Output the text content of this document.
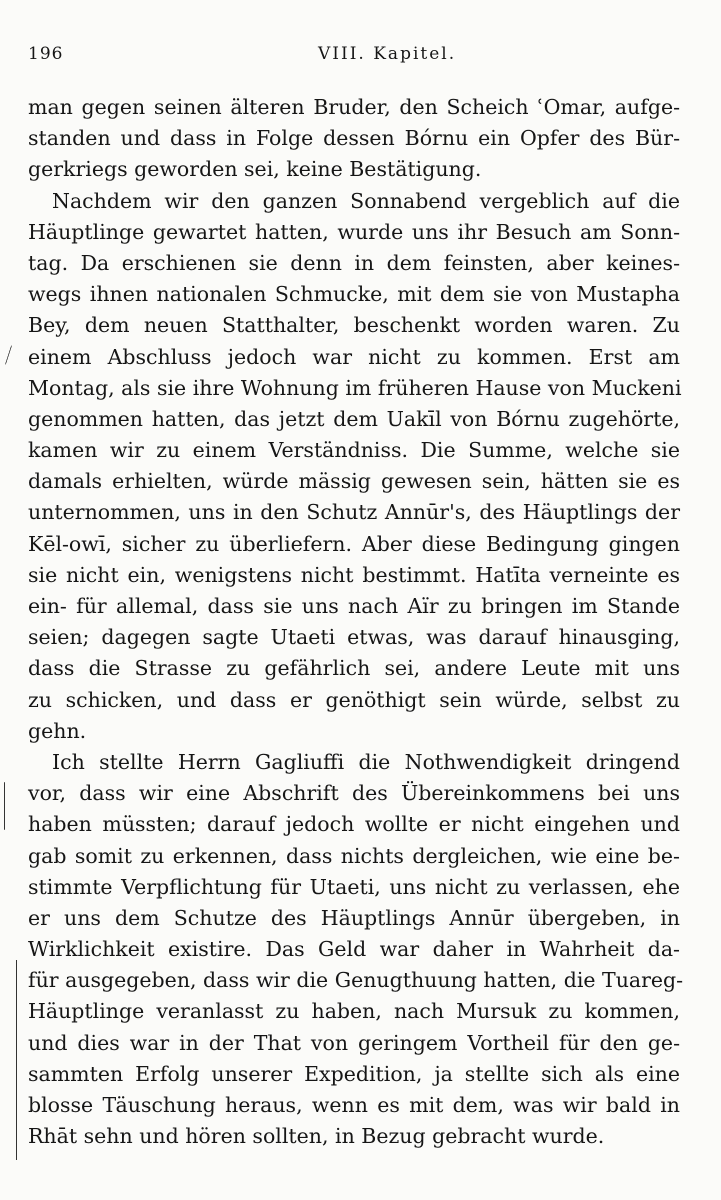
196	VIII. Kapitel.
man gegen seinen älteren Bruder, den Scheich ʿOmar, aufge-
standen und dass in Folge dessen Bórnu ein Opfer des Bür-
gerkriegs geworden sei, keine Bestätigung.
Nachdem wir den ganzen Sonnabend vergeblich auf die
Häuptlinge gewartet hatten, wurde uns ihr Besuch am Sonn-
tag. Da erschienen sie denn in dem feinsten, aber keines-
wegs ihnen nationalen Schmucke, mit dem sie von Mustapha
Bey, dem neuen Statthalter, beschenkt worden waren. Zu
einem Abschluss jedoch war nicht zu kommen. Erst am
Montag, als sie ihre Wohnung im früheren Hause von Muckeni
genommen hatten, das jetzt dem Uakīl von Bórnu zugehörte,
kamen wir zu einem Verständniss. Die Summe, welche sie
damals erhielten, würde mässig gewesen sein, hätten sie es
unternommen, uns in den Schutz Annūr's, des Häuptlings der
Kēl-owī, sicher zu überliefern. Aber diese Bedingung gingen
sie nicht ein, wenigstens nicht bestimmt. Hatīta verneinte es
ein- für allemal, dass sie uns nach Aïr zu bringen im Stande
seien; dagegen sagte Utaeti etwas, was darauf hinausging,
dass die Strasse zu gefährlich sei, andere Leute mit uns
zu schicken, und dass er genöthigt sein würde, selbst zu
gehn.
Ich stellte Herrn Gagliuffi die Nothwendigkeit dringend
vor, dass wir eine Abschrift des Übereinkommens bei uns
haben müssten; darauf jedoch wollte er nicht eingehen und
gab somit zu erkennen, dass nichts dergleichen, wie eine be-
stimmte Verpflichtung für Utaeti, uns nicht zu verlassen, ehe
er uns dem Schutze des Häuptlings Annūr übergeben, in
Wirklichkeit existire. Das Geld war daher in Wahrheit da-
für ausgegeben, dass wir die Genugthuung hatten, die Tuareg-
Häuptlinge veranlasst zu haben, nach Mursuk zu kommen,
und dies war in der That von geringem Vortheil für den ge-
sammten Erfolg unserer Expedition, ja stellte sich als eine
blosse Täuschung heraus, wenn es mit dem, was wir bald in
Rhāt sehn und hören sollten, in Bezug gebracht wurde.
